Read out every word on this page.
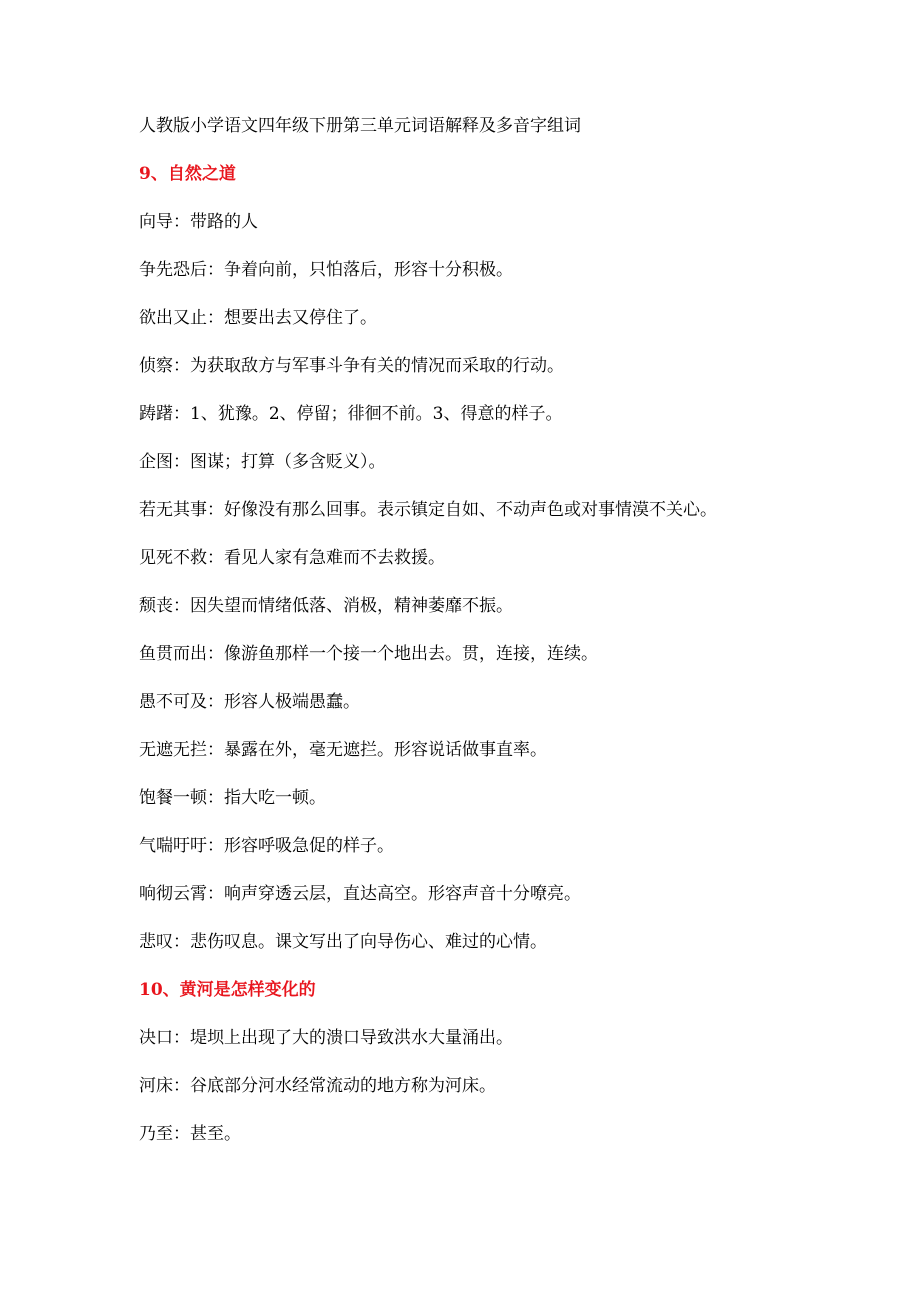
人教版小学语文四年级下册第三单元词语解释及多音字组词
9、自然之道
向导：带路的人
争先恐后：争着向前，只怕落后，形容十分积极。
欲出又止：想要出去又停住了。
侦察：为获取敌方与军事斗争有关的情况而采取的行动。
踌躇：1、犹豫。2、停留；徘徊不前。3、得意的样子。
企图：图谋；打算（多含贬义）。
若无其事：好像没有那么回事。表示镇定自如、不动声色或对事情漠不关心。
见死不救：看见人家有急难而不去救援。
颓丧：因失望而情绪低落、消极，精神萎靡不振。
鱼贯而出：像游鱼那样一个接一个地出去。贯，连接，连续。
愚不可及：形容人极端愚蠢。
无遮无拦：暴露在外，毫无遮拦。形容说话做事直率。
饱餐一顿：指大吃一顿。
气喘吁吁：形容呼吸急促的样子。
响彻云霄：响声穿透云层，直达高空。形容声音十分嘹亮。
悲叹：悲伤叹息。课文写出了向导伤心、难过的心情。
10、黄河是怎样变化的
决口：堤坝上出现了大的溃口导致洪水大量涌出。
河床：谷底部分河水经常流动的地方称为河床。
乃至：甚至。
